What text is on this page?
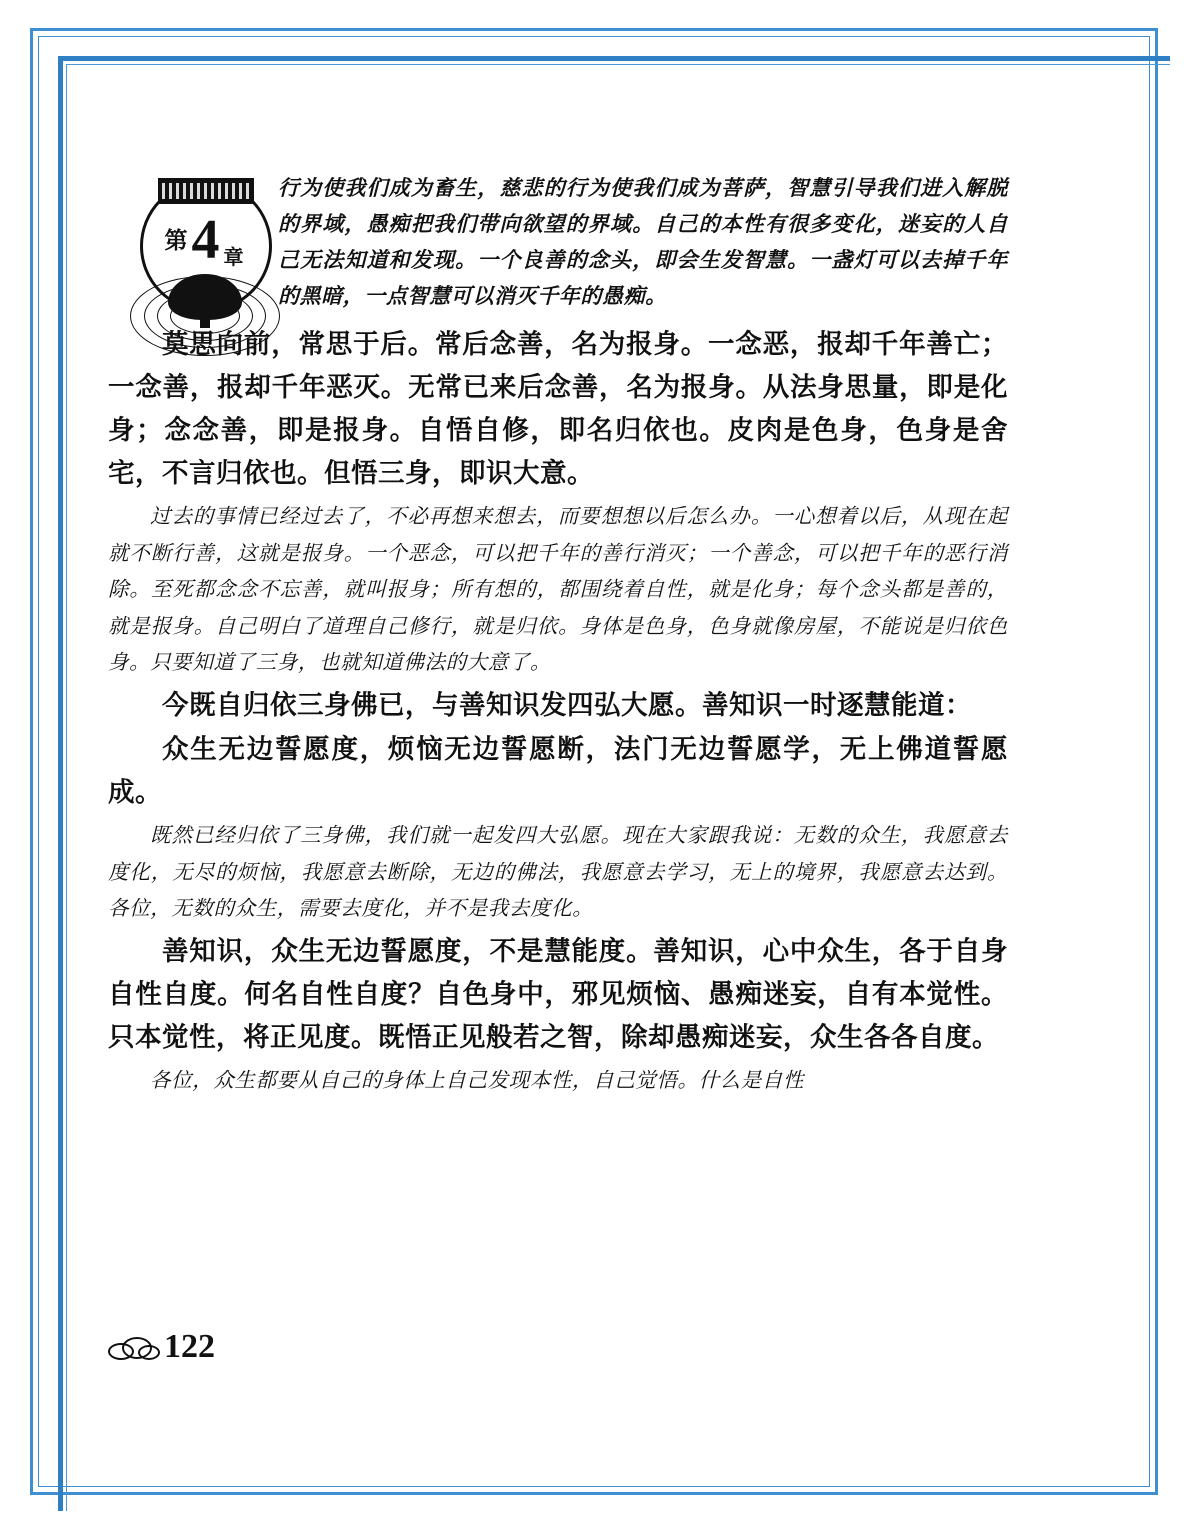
第4 章

行为使我们成为畜生，慈悲的行为使我们成为菩萨，智慧引导我们进入解脱的界域，愚痴把我们带向欲望的界域。自己的本性有很多变化，迷妄的人自己无法知道和发现。一个良善的念头，即会生发智慧。一盏灯可以去掉千年的黑暗，一点智慧可以消灭千年的愚痴。

莫思向前，常思于后。常后念善，名为报身。一念恶，报却千年善亡；一念善，报却千年恶灭。无常已来后念善，名为报身。从法身思量，即是化身；念念善，即是报身。自悟自修，即名归依也。皮肉是色身，色身是舍宅，不言归依也。但悟三身，即识大意。

过去的事情已经过去了，不必再想来想去，而要想想以后怎么办。一心想着以后，从现在起就不断行善，这就是报身。一个恶念，可以把千年的善行消灭；一个善念，可以把千年的恶行消除。至死都念念不忘善，就叫报身；所有想的，都围绕着自性，就是化身；每个念头都是善的，就是报身。自己明白了道理自己修行，就是归依。身体是色身，色身就像房屋，不能说是归依色身。只要知道了三身，也就知道佛法的大意了。

今既自归依三身佛已，与善知识发四弘大愿。善知识一时逐慧能道：

众生无边誓愿度，烦恼无边誓愿断，法门无边誓愿学，无上佛道誓愿成。

既然已经归依了三身佛，我们就一起发四大弘愿。现在大家跟我说：无数的众生，我愿意去度化，无尽的烦恼，我愿意去断除，无边的佛法，我愿意去学习，无上的境界，我愿意去达到。各位，无数的众生，需要去度化，并不是我去度化。

善知识，众生无边誓愿度，不是慧能度。善知识，心中众生，各于自身自性自度。何名自性自度？自色身中，邪见烦恼、愚痴迷妄，自有本觉性。只本觉性，将正见度。既悟正见般若之智，除却愚痴迷妄，众生各各自度。

各位，众生都要从自己的身体上自己发现本性，自己觉悟。什么是自性

122
